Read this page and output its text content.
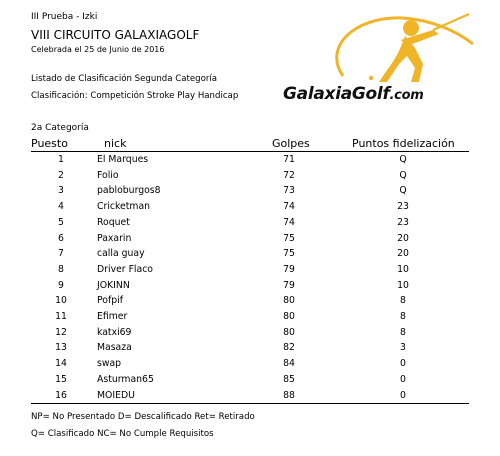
III Prueba - Izki
VIII CIRCUITO GALAXIAGOLF
Celebrada el 25 de Junio de 2016
Listado de Clasificación Segunda Categoría
Clasificación: Competición Stroke Play Handicap	GalaxiaGolf.com
2a Categoría
Puesto	nick	Golpes	Puntos fidelización
1	El Marques	71	Q
2	Folio	72	Q
3	pabloburgos8	73	Q
4	Cricketman	74	23
5	Roquet	74	23
6	Paxarin	75	20
7	calla guay	75	20
8	Driver Flaco	79	10
9	JOKINN	79	10
10	Pofpif	80	8
11	Efimer	80	8
12	katxi69	80	8
13	Masaza	82	3
14	swap	84	0
15	Asturman65	85	0
16	MOIEDU	88	0
NP= No Presentado D= Descalificado Ret= Retirado
Q= Clasificado NC= No Cumple Requisitos
